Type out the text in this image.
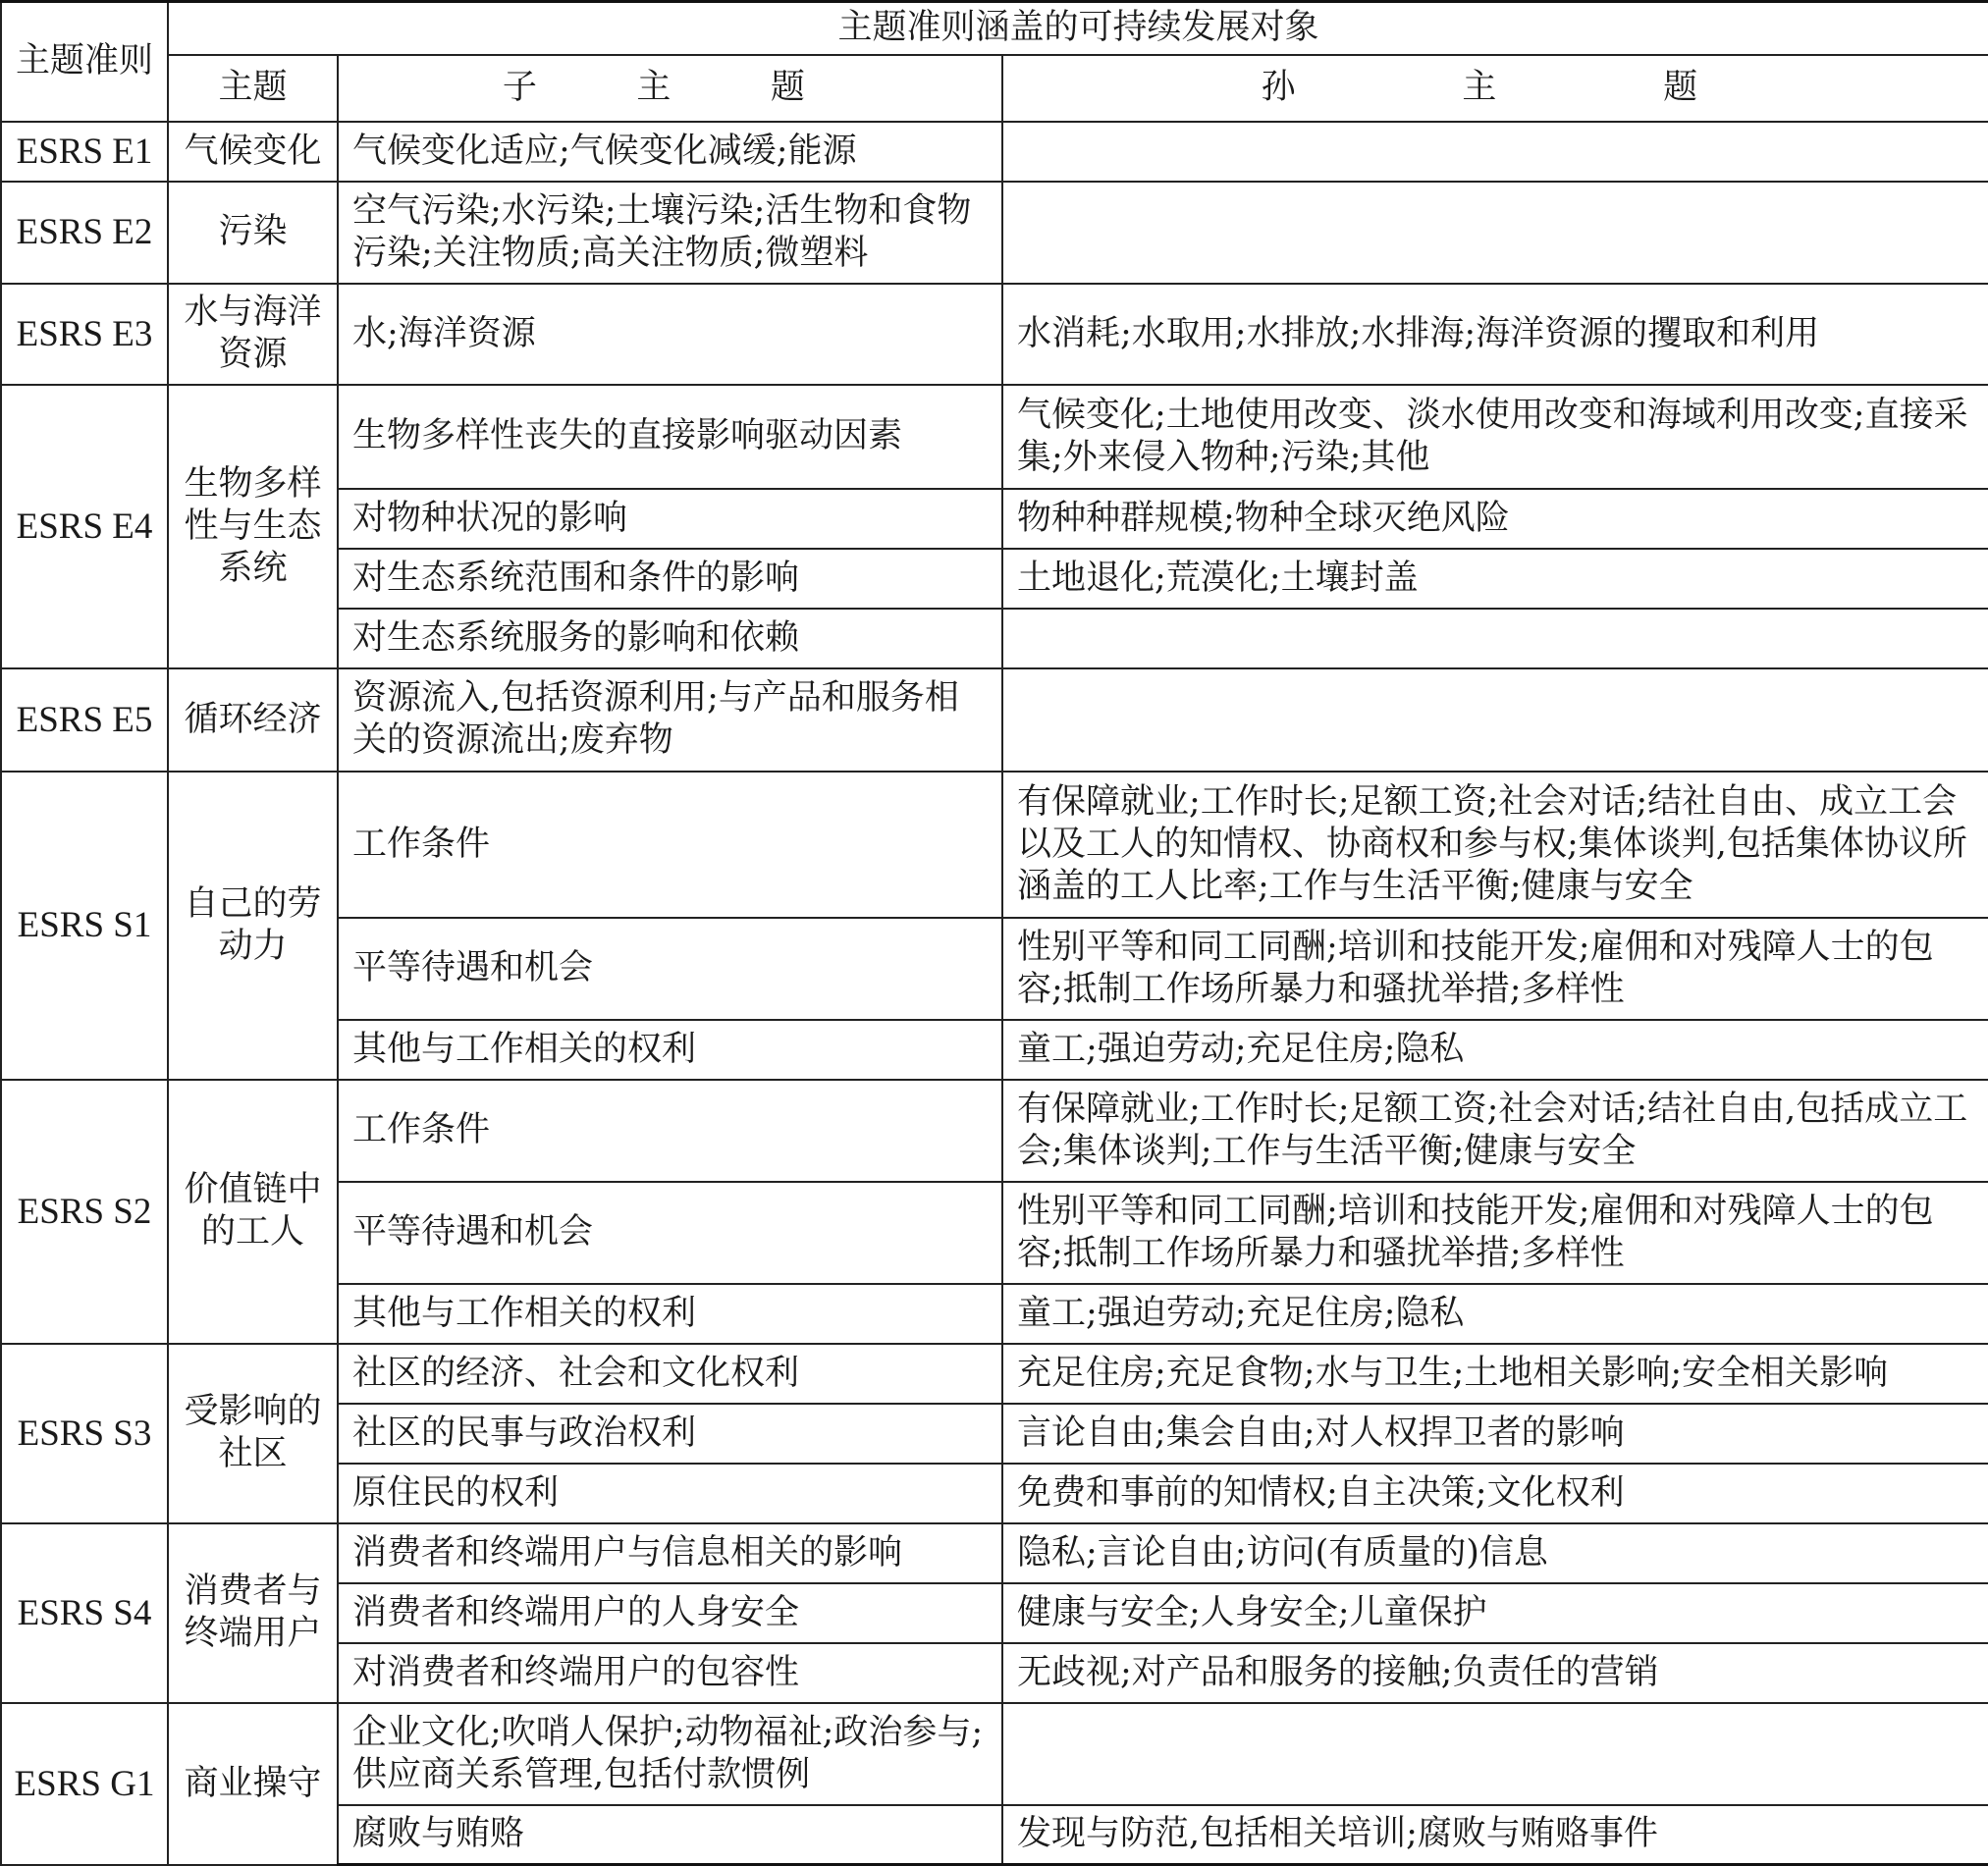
主题准则	主题准则涵盖的可持续发展对象		
	主题	子　主　题	孙　　主　　题
ESRS E1	气候变化	气候变化适应;气候变化减缓;能源	
ESRS E2	污染	空气污染;水污染;土壤污染;活生物和食物污染;关注物质;高关注物质;微塑料	
ESRS E3	水与海洋资源	水;海洋资源	水消耗;水取用;水排放;水排海;海洋资源的攫取和利用
ESRS E4	生物多样性与生态系统	生物多样性丧失的直接影响驱动因素	气候变化;土地使用改变、淡水使用改变和海域利用改变;直接采集;外来侵入物种;污染;其他
		对物种状况的影响	物种种群规模;物种全球灭绝风险
		对生态系统范围和条件的影响	土地退化;荒漠化;土壤封盖
		对生态系统服务的影响和依赖	
ESRS E5	循环经济	资源流入,包括资源利用;与产品和服务相关的资源流出;废弃物	
ESRS S1	自己的劳动力	工作条件	有保障就业;工作时长;足额工资;社会对话;结社自由、成立工会以及工人的知情权、协商权和参与权;集体谈判,包括集体协议所涵盖的工人比率;工作与生活平衡;健康与安全
		平等待遇和机会	性别平等和同工同酬;培训和技能开发;雇佣和对残障人士的包容;抵制工作场所暴力和骚扰举措;多样性
		其他与工作相关的权利	童工;强迫劳动;充足住房;隐私
ESRS S2	价值链中的工人	工作条件	有保障就业;工作时长;足额工资;社会对话;结社自由,包括成立工会;集体谈判;工作与生活平衡;健康与安全
		平等待遇和机会	性别平等和同工同酬;培训和技能开发;雇佣和对残障人士的包容;抵制工作场所暴力和骚扰举措;多样性
		其他与工作相关的权利	童工;强迫劳动;充足住房;隐私
ESRS S3	受影响的社区	社区的经济、社会和文化权利	充足住房;充足食物;水与卫生;土地相关影响;安全相关影响
		社区的民事与政治权利	言论自由;集会自由;对人权捍卫者的影响
		原住民的权利	免费和事前的知情权;自主决策;文化权利
ESRS S4	消费者与终端用户	消费者和终端用户与信息相关的影响	隐私;言论自由;访问(有质量的)信息
		消费者和终端用户的人身安全	健康与安全;人身安全;儿童保护
		对消费者和终端用户的包容性	无歧视;对产品和服务的接触;负责任的营销
ESRS G1	商业操守	企业文化;吹哨人保护;动物福祉;政治参与;供应商关系管理,包括付款惯例	
		腐败与贿赂	发现与防范,包括相关培训;腐败与贿赂事件
